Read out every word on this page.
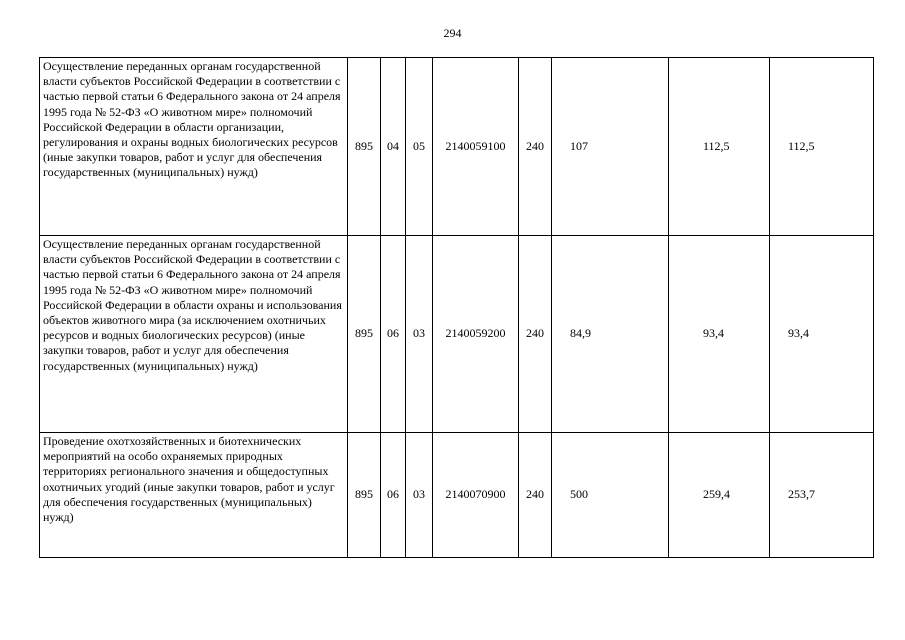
294
Осуществление переданных органам государственной власти субъектов Российской Федерации в соответствии с частью первой статьи 6 Федерального закона от 24 апреля 1995 года № 52-ФЗ «О животном мире» полномочий Российской Федерации в области организации, регулирования и охраны водных биологических ресурсов (иные закупки товаров, работ и услуг для обеспечения государственных (муниципальных) нужд)	895	04	05	2140059100	240	107	112,5	112,5
Осуществление переданных органам государственной власти субъектов Российской Федерации в соответствии с частью первой статьи 6 Федерального закона от 24 апреля 1995 года № 52-ФЗ «О животном мире» полномочий Российской Федерации в области охраны и использования объектов животного мира (за исключением охотничьих ресурсов и водных биологических ресурсов) (иные закупки товаров, работ и услуг для обеспечения государственных (муниципальных) нужд)	895	06	03	2140059200	240	84,9	93,4	93,4
Проведение охотхозяйственных и биотехнических мероприятий на особо охраняемых природных территориях регионального значения и общедоступных охотничьих угодий (иные закупки товаров, работ и услуг для обеспечения государственных (муниципальных) нужд)	895	06	03	2140070900	240	500	259,4	253,7
